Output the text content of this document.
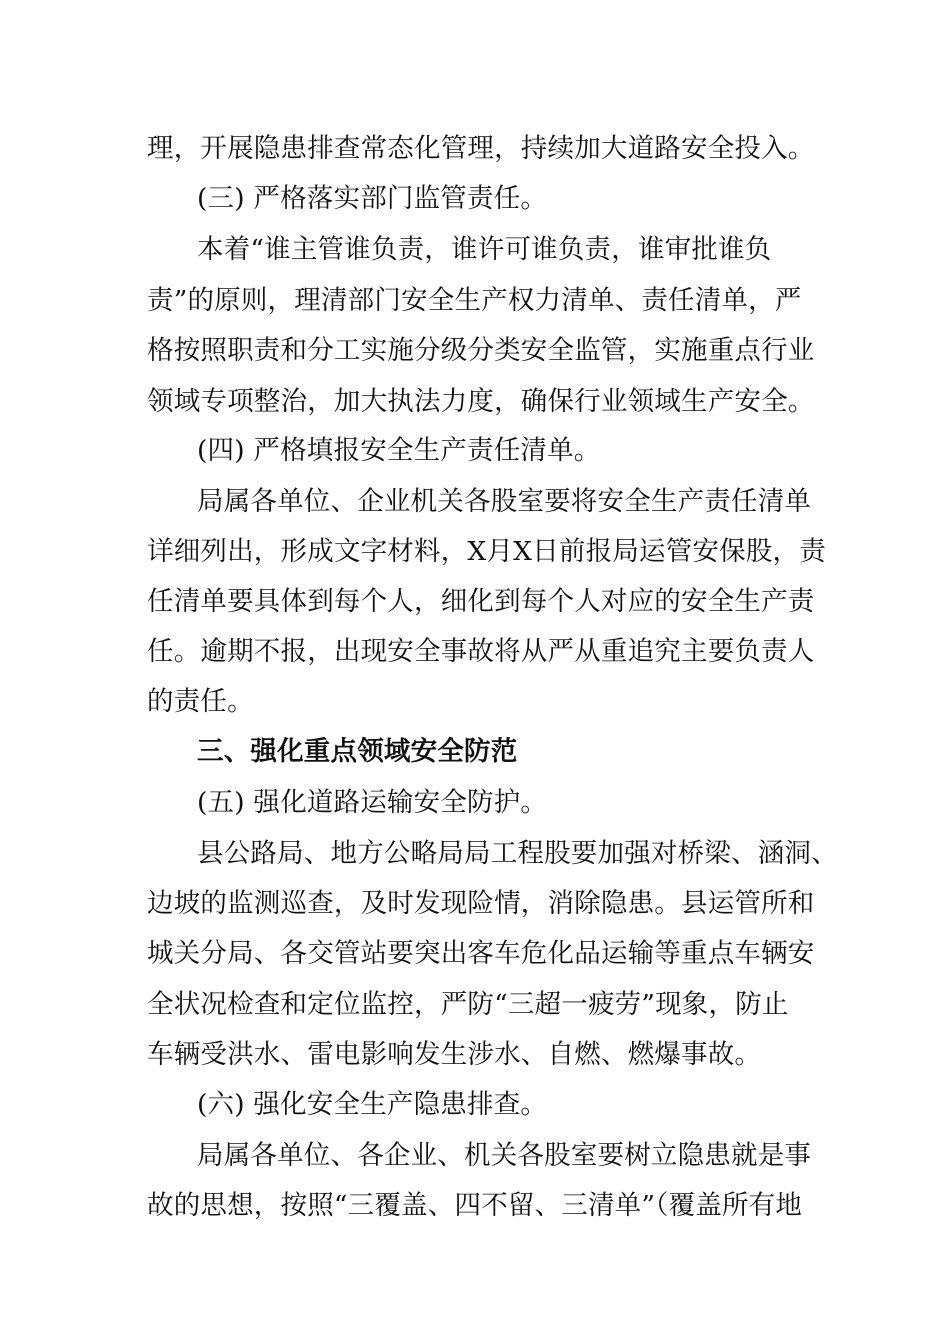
理，开展隐患排查常态化管理，持续加大道路安全投入。
(三) 严格落实部门监管责任。
本着“谁主管谁负责，谁许可谁负责，谁审批谁负
责”的原则，理清部门安全生产权力清单、责任清单，严
格按照职责和分工实施分级分类安全监管，实施重点行业
领域专项整治，加大执法力度，确保行业领域生产安全。
(四) 严格填报安全生产责任清单。
局属各单位、企业机关各股室要将安全生产责任清单
详细列出，形成文字材料，X月X日前报局运管安保股，责
任清单要具体到每个人，细化到每个人对应的安全生产责
任。逾期不报，出现安全事故将从严从重追究主要负责人
的责任。
三、强化重点领域安全防范
(五) 强化道路运输安全防护。
县公路局、地方公略局局工程股要加强对桥梁、涵洞、
边坡的监测巡查，及时发现险情，消除隐患。县运管所和
城关分局、各交管站要突出客车危化品运输等重点车辆安
全状况检查和定位监控，严防“三超一疲劳”现象，防止
车辆受洪水、雷电影响发生涉水、自燃、燃爆事故。
(六) 强化安全生产隐患排查。
局属各单位、各企业、机关各股室要树立隐患就是事
故的思想，按照“三覆盖、四不留、三清单”（覆盖所有地
